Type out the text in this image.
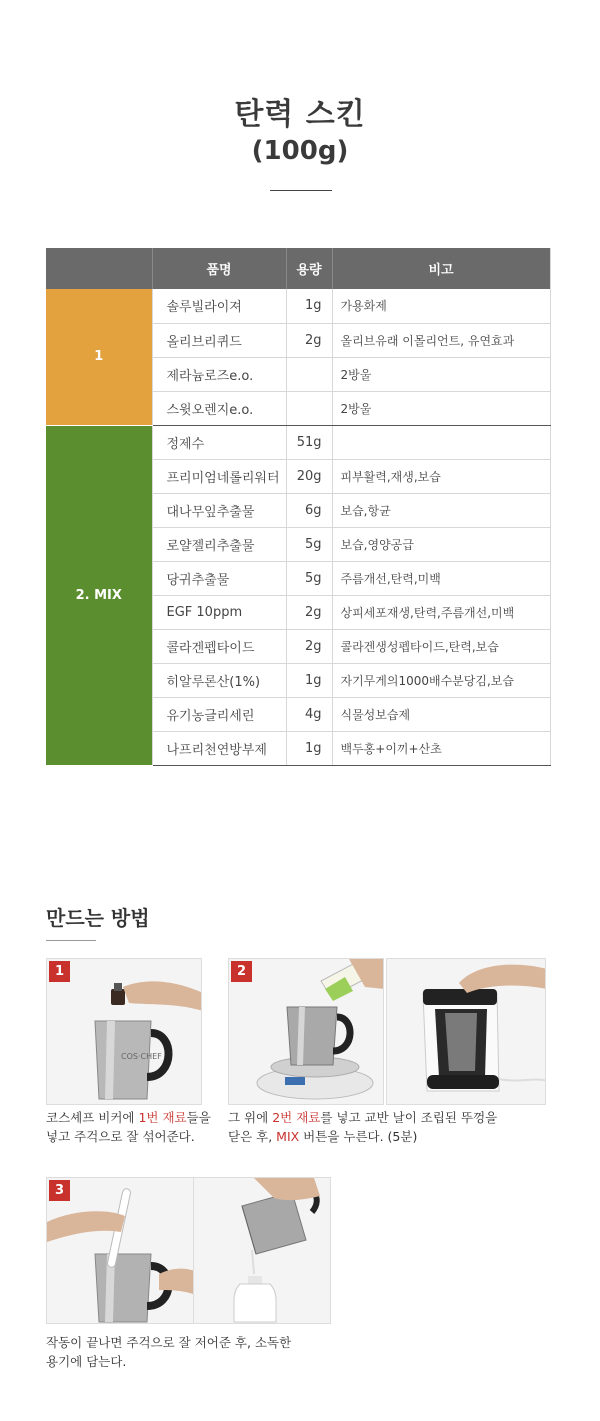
탄력 스킨
(100g)
	품명	용량	비고
1	솔루빌라이져	1g	가용화제
	올리브리퀴드	2g	올리브유래 이몰리언트, 유연효과
	제라늄로즈e.o.		2방울
	스윗오렌지e.o.		2방울
2. MIX	정제수	51g	
	프리미엄네롤리워터	20g	피부활력,재생,보습
	대나무잎추출물	6g	보습,항균
	로얄젤리추출물	5g	보습,영양공급
	당귀추출물	5g	주름개선,탄력,미백
	EGF 10ppm	2g	상피세포재생,탄력,주름개선,미백
	콜라겐펩타이드	2g	콜라겐생성펩타이드,탄력,보습
	히알루론산(1%)	1g	자기무게의1000배수분당김,보습
	유기농글리세린	4g	식물성보습제
	나프리천연방부제	1g	백두홍+이끼+산초
만드는 방법
1
COS·CHEF
코스셰프 비커에 1번 재료들을
넣고 주걱으로 잘 섞어준다.
2
그 위에 2번 재료를 넣고 교반 날이 조립된 뚜껑을
닫은 후, MIX 버튼을 누른다. (5분)
3
작동이 끝나면 주걱으로 잘 저어준 후, 소독한
용기에 담는다.
